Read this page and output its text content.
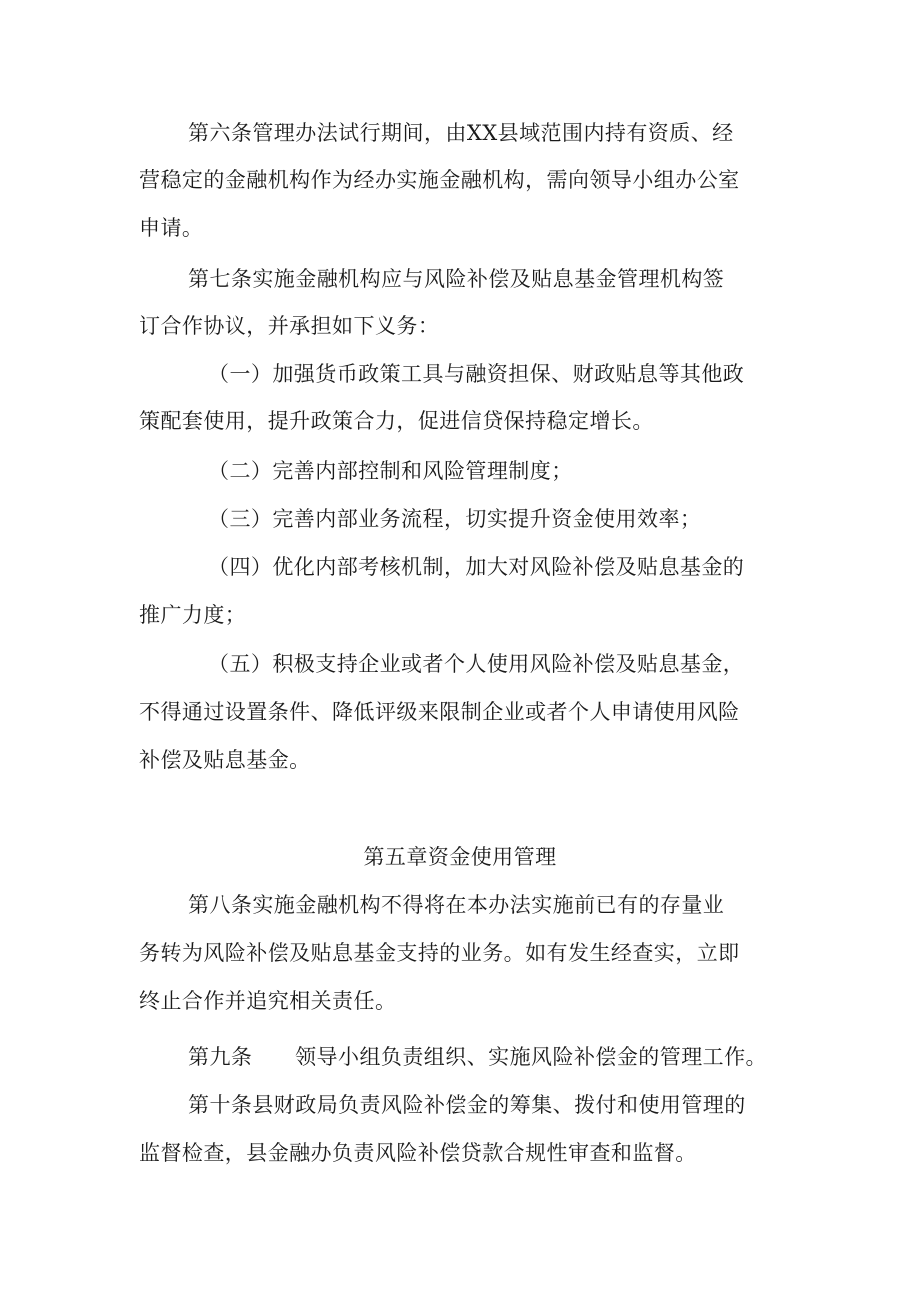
第六条管理办法试行期间，由XX县域范围内持有资质、经
营稳定的金融机构作为经办实施金融机构，需向领导小组办公室
申请。
第七条实施金融机构应与风险补偿及贴息基金管理机构签
订合作协议，并承担如下义务：
（一）加强货币政策工具与融资担保、财政贴息等其他政
策配套使用，提升政策合力，促进信贷保持稳定增长。
（二）完善内部控制和风险管理制度；
（三）完善内部业务流程，切实提升资金使用效率；
（四）优化内部考核机制，加大对风险补偿及贴息基金的
推广力度；
（五）积极支持企业或者个人使用风险补偿及贴息基金，
不得通过设置条件、降低评级来限制企业或者个人申请使用风险
补偿及贴息基金。
第五章资金使用管理
第八条实施金融机构不得将在本办法实施前已有的存量业
务转为风险补偿及贴息基金支持的业务。如有发生经查实，立即
终止合作并追究相关责任。
第九条      领导小组负责组织、实施风险补偿金的管理工作。
第十条县财政局负责风险补偿金的筹集、拨付和使用管理的
监督检查，县金融办负责风险补偿贷款合规性审查和监督。
